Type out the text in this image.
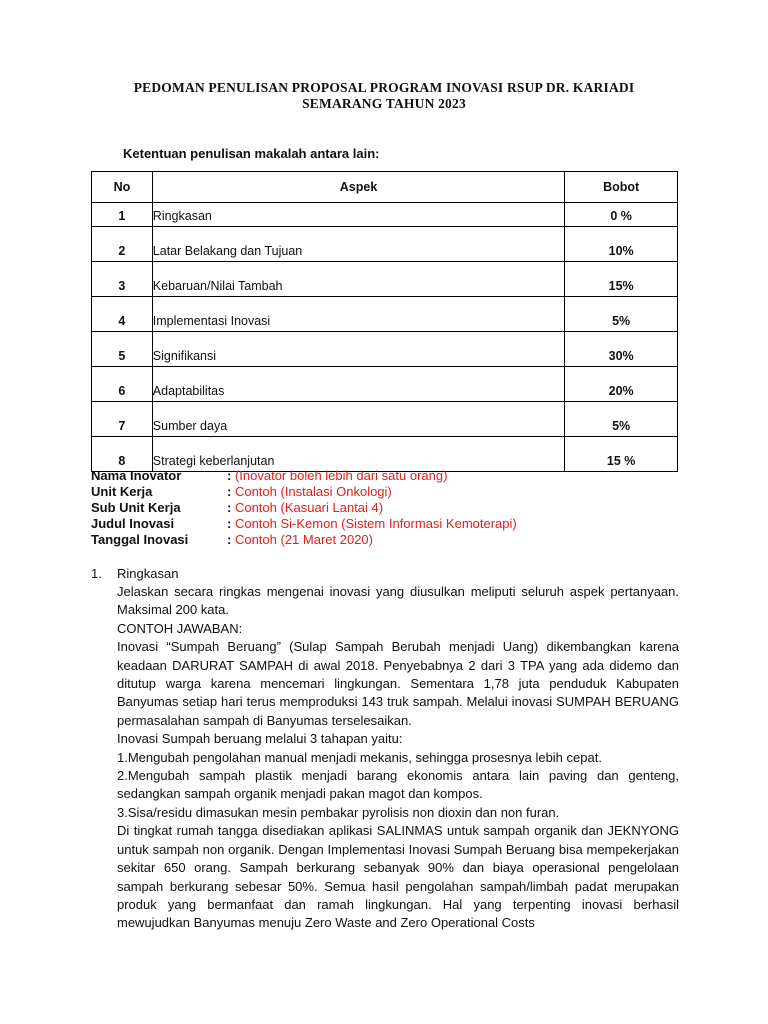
PEDOMAN PENULISAN PROPOSAL PROGRAM INOVASI RSUP DR. KARIADI
SEMARANG TAHUN 2023
Ketentuan penulisan makalah antara lain:
No	Aspek	Bobot
1	Ringkasan	0 %
2	Latar Belakang dan Tujuan	10%
3	Kebaruan/Nilai Tambah	15%
4	Implementasi Inovasi	5%
5	Signifikansi	30%
6	Adaptabilitas	20%
7	Sumber daya	5%
8	Strategi keberlanjutan	15 %
Nama Inovator	: (Inovator boleh lebih dari satu orang)
Unit Kerja	: Contoh (Instalasi Onkologi)
Sub Unit Kerja	: Contoh (Kasuari Lantai 4)
Judul Inovasi	: Contoh Si-Kemon (Sistem Informasi Kemoterapi)
Tanggal Inovasi	: Contoh (21 Maret 2020)
1. Ringkasan

Jelaskan secara ringkas mengenai inovasi yang diusulkan meliputi seluruh aspek pertanyaan. Maksimal 200 kata.

CONTOH JAWABAN:

Inovasi “Sumpah Beruang” (Sulap Sampah Berubah menjadi Uang) dikembangkan karena keadaan DARURAT SAMPAH di awal 2018. Penyebabnya 2 dari 3 TPA yang ada didemo dan ditutup warga karena mencemari lingkungan. Sementara 1,78 juta penduduk Kabupaten Banyumas setiap hari terus memproduksi 143 truk sampah. Melalui inovasi SUMPAH BERUANG permasalahan sampah di Banyumas terselesaikan.

Inovasi Sumpah beruang melalui 3 tahapan yaitu:

1.Mengubah pengolahan manual menjadi mekanis, sehingga prosesnya lebih cepat.

2.Mengubah sampah plastik menjadi barang ekonomis antara lain paving dan genteng, sedangkan sampah organik menjadi pakan magot dan kompos.

3.Sisa/residu dimasukan mesin pembakar pyrolisis non dioxin dan non furan.

Di tingkat rumah tangga disediakan aplikasi SALINMAS untuk sampah organik dan JEKNYONG untuk sampah non organik. Dengan Implementasi Inovasi Sumpah Beruang bisa mempekerjakan sekitar 650 orang. Sampah berkurang sebanyak 90% dan biaya operasional pengelolaan sampah berkurang sebesar 50%. Semua hasil pengolahan sampah/limbah padat merupakan produk yang bermanfaat dan ramah lingkungan. Hal yang terpenting inovasi berhasil mewujudkan Banyumas menuju Zero Waste and Zero Operational Costs
